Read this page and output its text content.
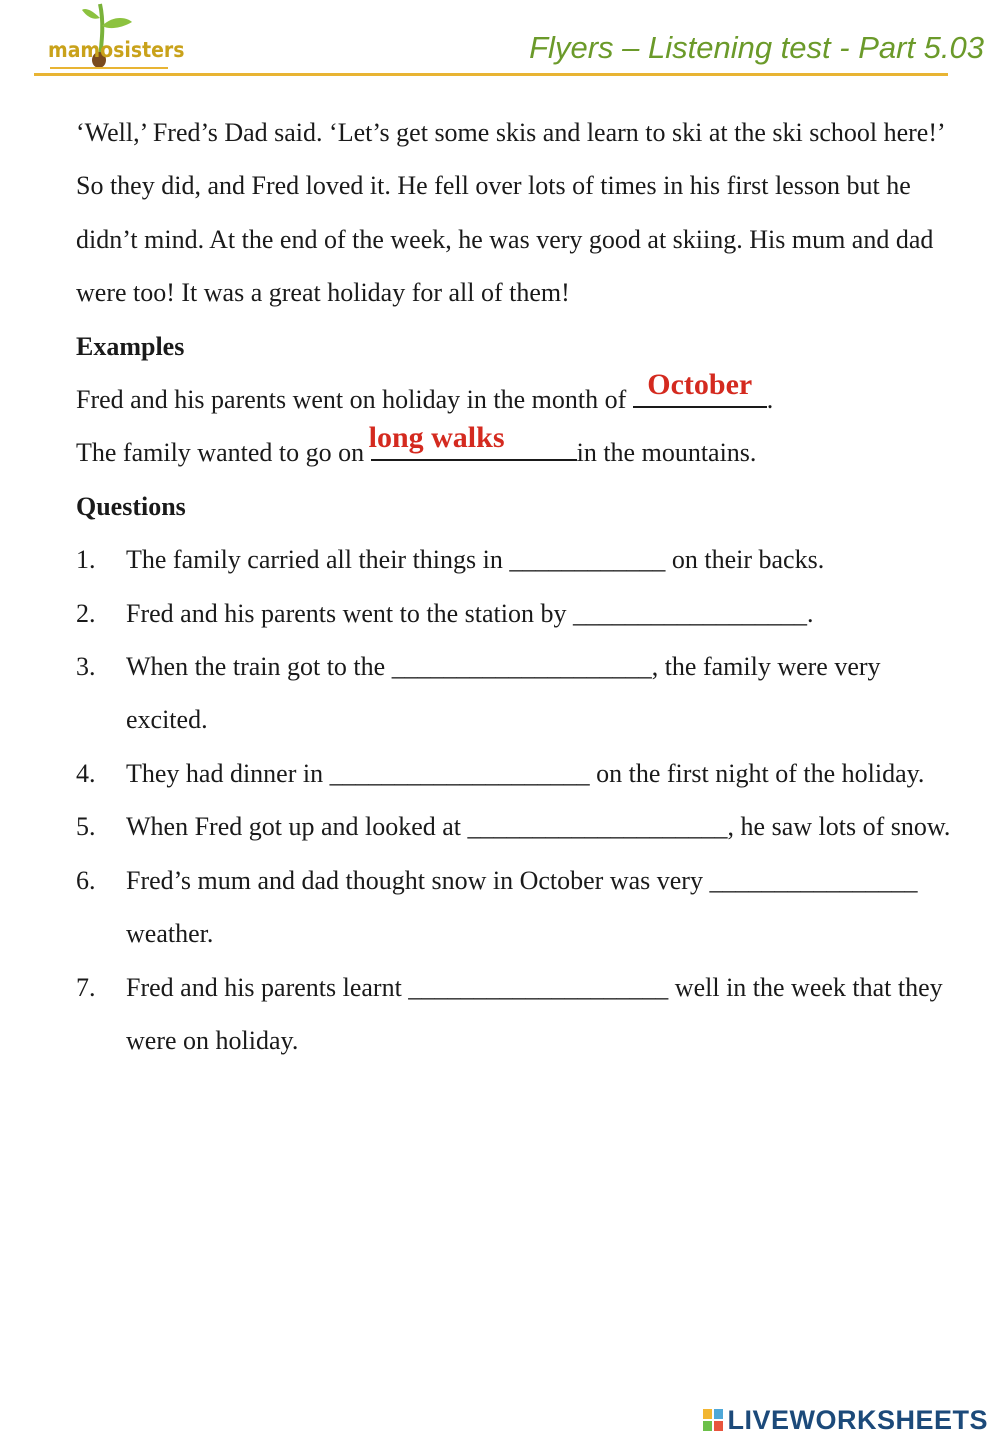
mamosisters	Flyers – Listening test - Part 5.03

‘Well,’ Fred’s Dad said. ‘Let’s get some skis and learn to ski at the ski school here!’

So they did, and Fred loved it. He fell over lots of times in his first lesson but he didn’t mind. At the end of the week, he was very good at skiing. His mum and dad were too! It was a great holiday for all of them!

Examples

Fred and his parents went on holiday in the month of October .

The family wanted to go on long walks	in the mountains.

Questions

1. The family carried all their things in ____________ on their backs.

2. Fred and his parents went to the station by __________________.

3. When the train got to the ____________________, the family were very excited.

4. They had dinner in ____________________ on the first night of the holiday.

5. When Fred got up and looked at ____________________, he saw lots of snow.

6. Fred’s mum and dad thought snow in October was very ________________ weather.

7. Fred and his parents learnt ____________________ well in the week that they were on holiday.

LIVEWORKSHEETS
